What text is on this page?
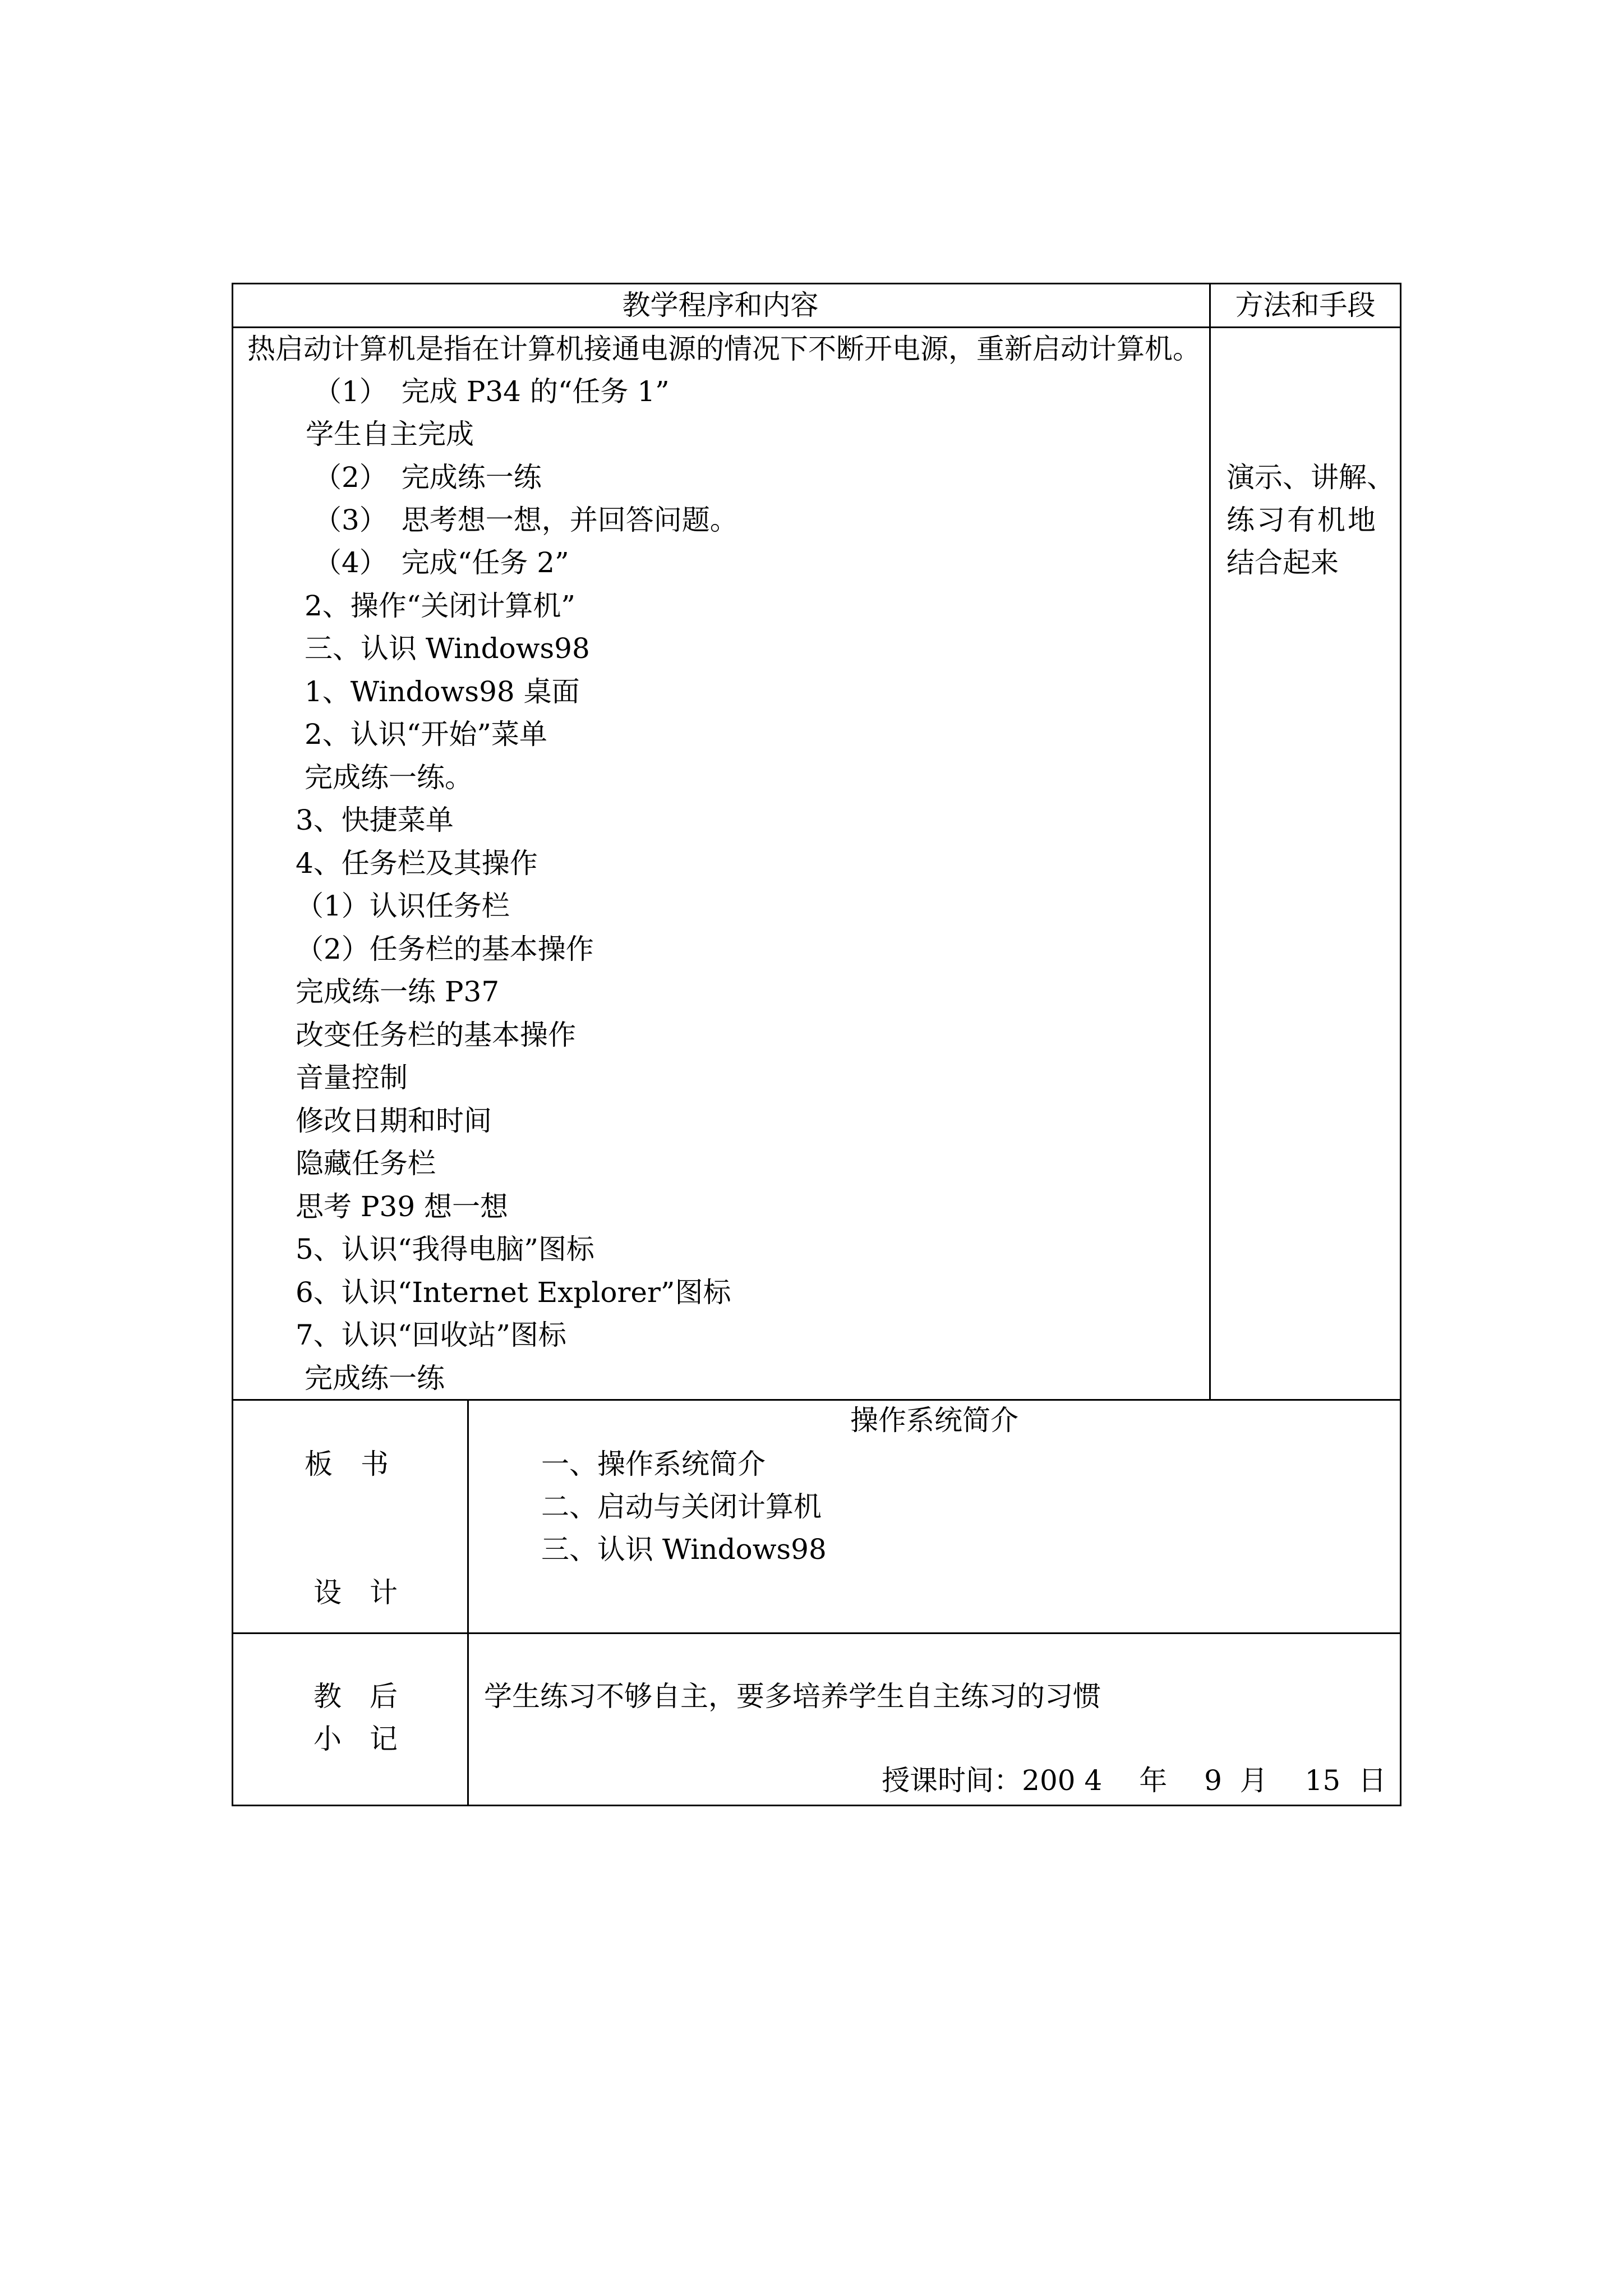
教学程序和内容	方法和手段
热启动计算机是指在计算机接通电源的情况下不断开电源，重新启动计算机。
（1）　完成 P34 的“任务 1”
学生自主完成
（2）　完成练一练
（3）　思考想一想，并回答问题。
（4）　完成“任务 2”
2、操作“关闭计算机”
三、认识 Windows98
1、Windows98 桌面
2、认识“开始”菜单
完成练一练。
3、快捷菜单
4、任务栏及其操作
（1）认识任务栏
（2）任务栏的基本操作
完成练一练 P37
改变任务栏的基本操作
音量控制
修改日期和时间
隐藏任务栏
思考 P39 想一想
5、认识“我得电脑”图标
6、认识“Internet Explorer”图标
7、认识“回收站”图标
完成练一练
演示、讲解、
练习有机地
结合起来
板　书
设　计
操作系统简介
一、操作系统简介
二、启动与关闭计算机
三、认识 Windows98
教　后
小　记
学生练习不够自主，要多培养学生自主练习的习惯
授课时间：200 4　 年　 9  月　 15  日
